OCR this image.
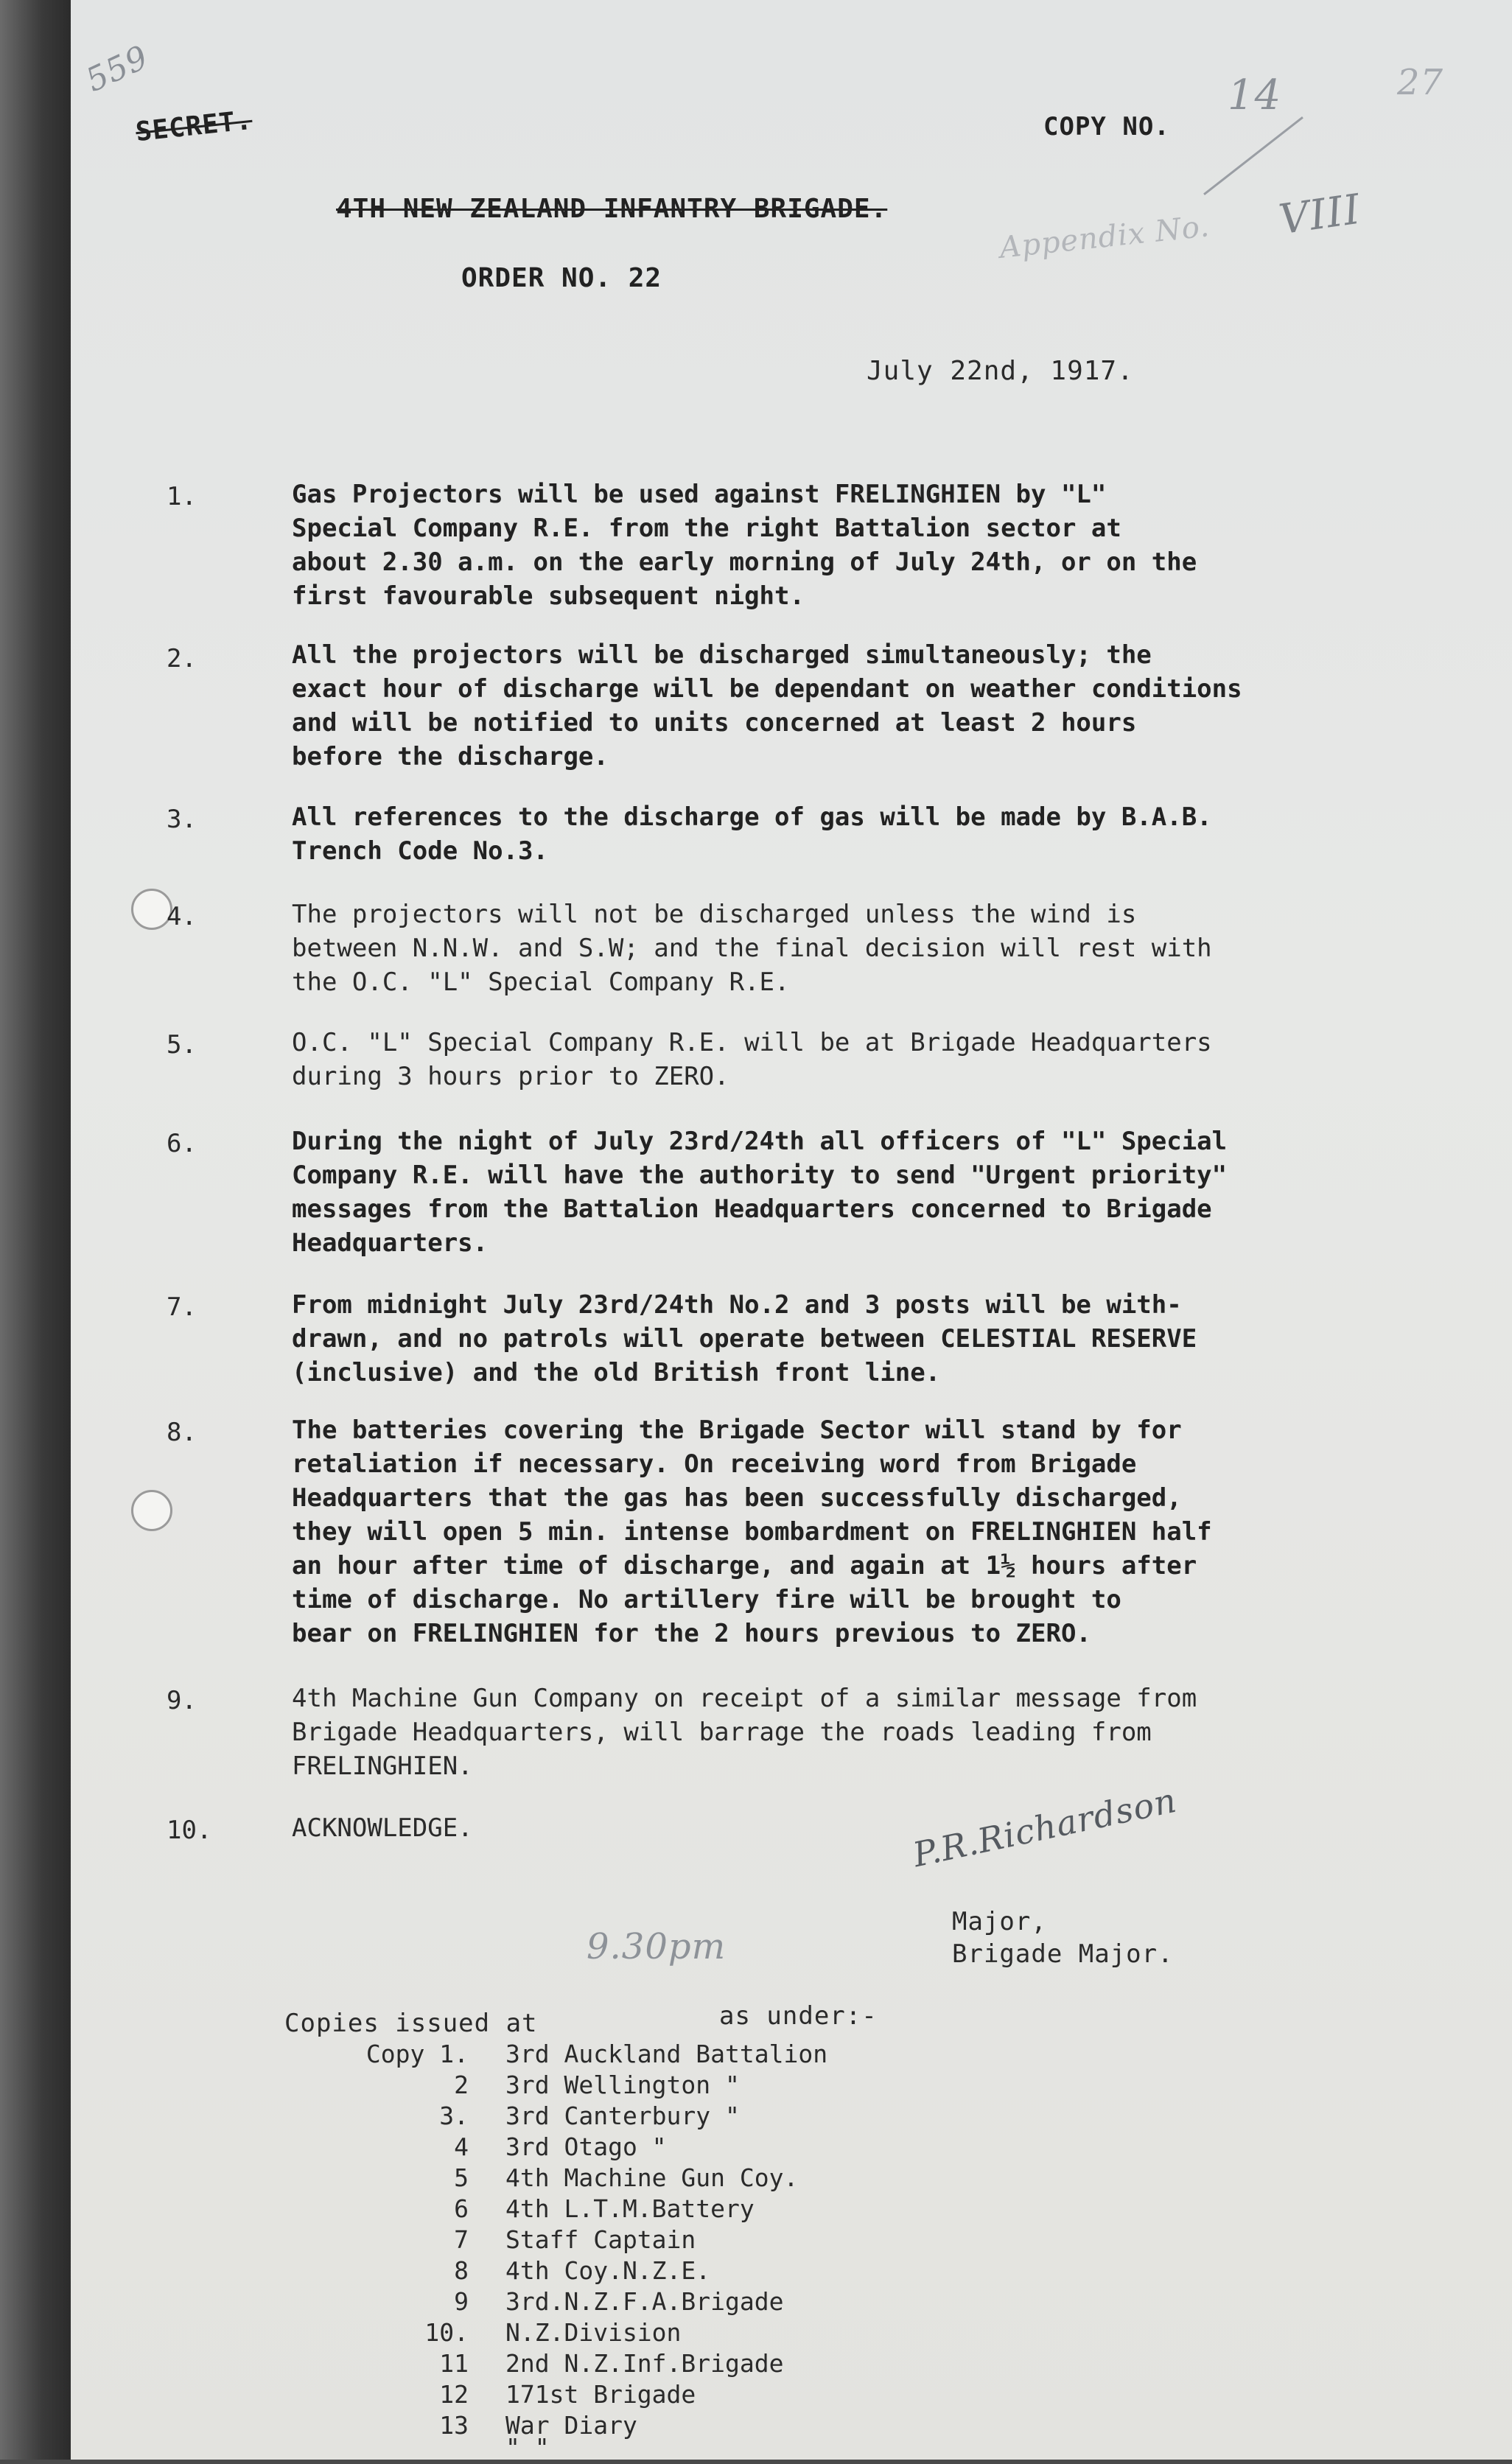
559
SECRET.	COPY NO.
14	27
Appendix No. VIII
4TH NEW ZEALAND INFANTRY BRIGADE.
ORDER NO. 22
July 22nd, 1917.
1.	Gas Projectors will be used against FRELINGHIEN by "L"
Special Company R.E. from the right Battalion sector at
about 2.30 a.m. on the early morning of July 24th, or on the
first favourable subsequent night.
2.	All the projectors will be discharged simultaneously; the
exact hour of discharge will be dependant on weather conditions
and will be notified to units concerned at least 2 hours
before the discharge.
3.	All references to the discharge of gas will be made by B.A.B.
Trench Code No.3.
4.	The projectors will not be discharged unless the wind is
between N.N.W. and S.W; and the final decision will rest with
the O.C. "L" Special Company R.E.
5.	O.C. "L" Special Company R.E. will be at Brigade Headquarters
during 3 hours prior to ZERO.
6.	During the night of July 23rd/24th all officers of "L" Special
Company R.E. will have the authority to send "Urgent priority"
messages from the Battalion Headquarters concerned to Brigade
Headquarters.
7.	From midnight July 23rd/24th No.2 and 3 posts will be with-
drawn, and no patrols will operate between CELESTIAL RESERVE
(inclusive) and the old British front line.
8.	The batteries covering the Brigade Sector will stand by for
retaliation if necessary. On receiving word from Brigade
Headquarters that the gas has been successfully discharged,
they will open 5 min. intense bombardment on FRELINGHIEN half
an hour after time of discharge, and again at 1½ hours after
time of discharge. No artillery fire will be brought to
bear on FRELINGHIEN for the 2 hours previous to ZERO.
9.	4th Machine Gun Company on receipt of a similar message from
Brigade Headquarters, will barrage the roads leading from
FRELINGHIEN.
10.	ACKNOWLEDGE.	P.R.Richardson
Major,
Brigade Major.
9.30pm
Copies issued at	as under:-
Copy 1. 3rd Auckland Battalion
2 3rd Wellington "
3. 3rd Canterbury "
4 3rd Otago "
5 4th Machine Gun Coy.
6 4th L.T.M.Battery
7 Staff Captain
8 4th Coy.N.Z.E.
9 3rd.N.Z.F.A.Brigade
10. N.Z.Division
11 2nd N.Z.Inf.Brigade
12 171st Brigade
13 War Diary
" "
